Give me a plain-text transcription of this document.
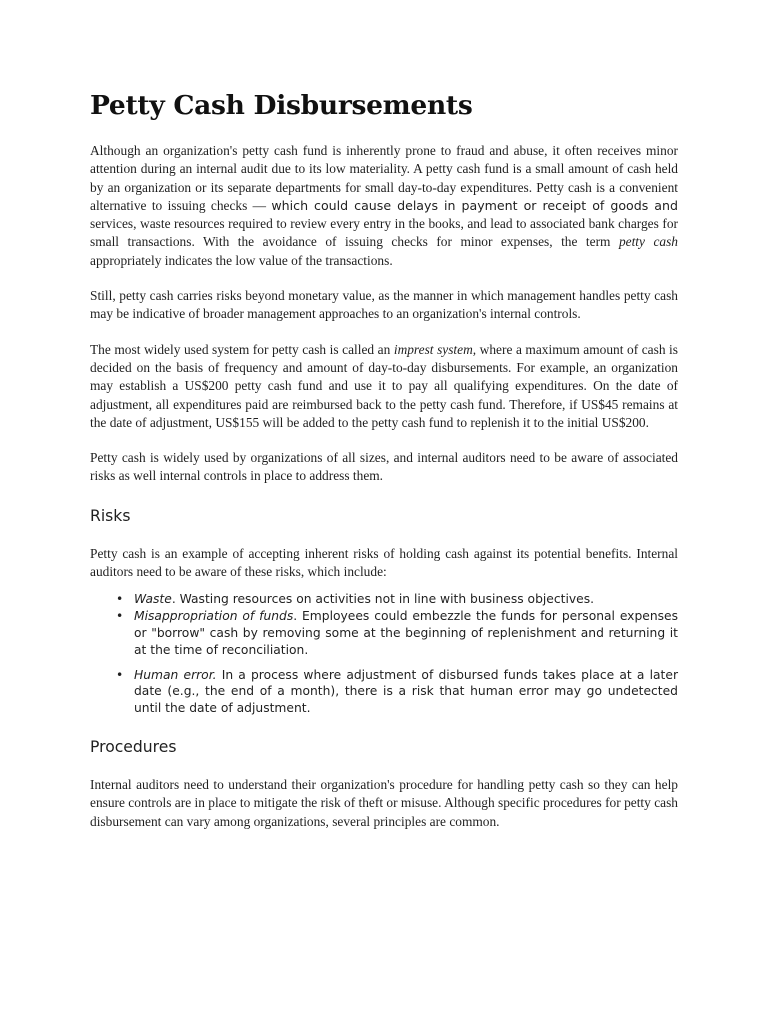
Petty Cash Disbursements

Although an organization's petty cash fund is inherently prone to fraud and abuse, it often receives minor attention during an internal audit due to its low materiality. A petty cash fund is a small amount of cash held by an organization or its separate departments for small day-to-day expenditures. Petty cash is a convenient alternative to issuing checks — which could cause delays in payment or receipt of goods and services, waste resources required to review every entry in the books, and lead to associated bank charges for small transactions. With the avoidance of issuing checks for minor expenses, the term petty cash appropriately indicates the low value of the transactions.

Still, petty cash carries risks beyond monetary value, as the manner in which management handles petty cash may be indicative of broader management approaches to an organization's internal controls.

The most widely used system for petty cash is called an imprest system, where a maximum amount of cash is decided on the basis of frequency and amount of day-to-day disbursements. For example, an organization may establish a US$200 petty cash fund and use it to pay all qualifying expenditures. On the date of adjustment, all expenditures paid are reimbursed back to the petty cash fund. Therefore, if US$45 remains at the date of adjustment, US$155 will be added to the petty cash fund to replenish it to the initial US$200.

Petty cash is widely used by organizations of all sizes, and internal auditors need to be aware of associated risks as well internal controls in place to address them.

Risks

Petty cash is an example of accepting inherent risks of holding cash against its potential benefits. Internal auditors need to be aware of these risks, which include:

• Waste. Wasting resources on activities not in line with business objectives.
• Misappropriation of funds. Employees could embezzle the funds for personal expenses or "borrow" cash by removing some at the beginning of replenishment and returning it at the time of reconciliation.
• Human error. In a process where adjustment of disbursed funds takes place at a later date (e.g., the end of a month), there is a risk that human error may go undetected until the date of adjustment.
Procedures

Internal auditors need to understand their organization's procedure for handling petty cash so they can help ensure controls are in place to mitigate the risk of theft or misuse. Although specific procedures for petty cash disbursement can vary among organizations, several principles are common.
